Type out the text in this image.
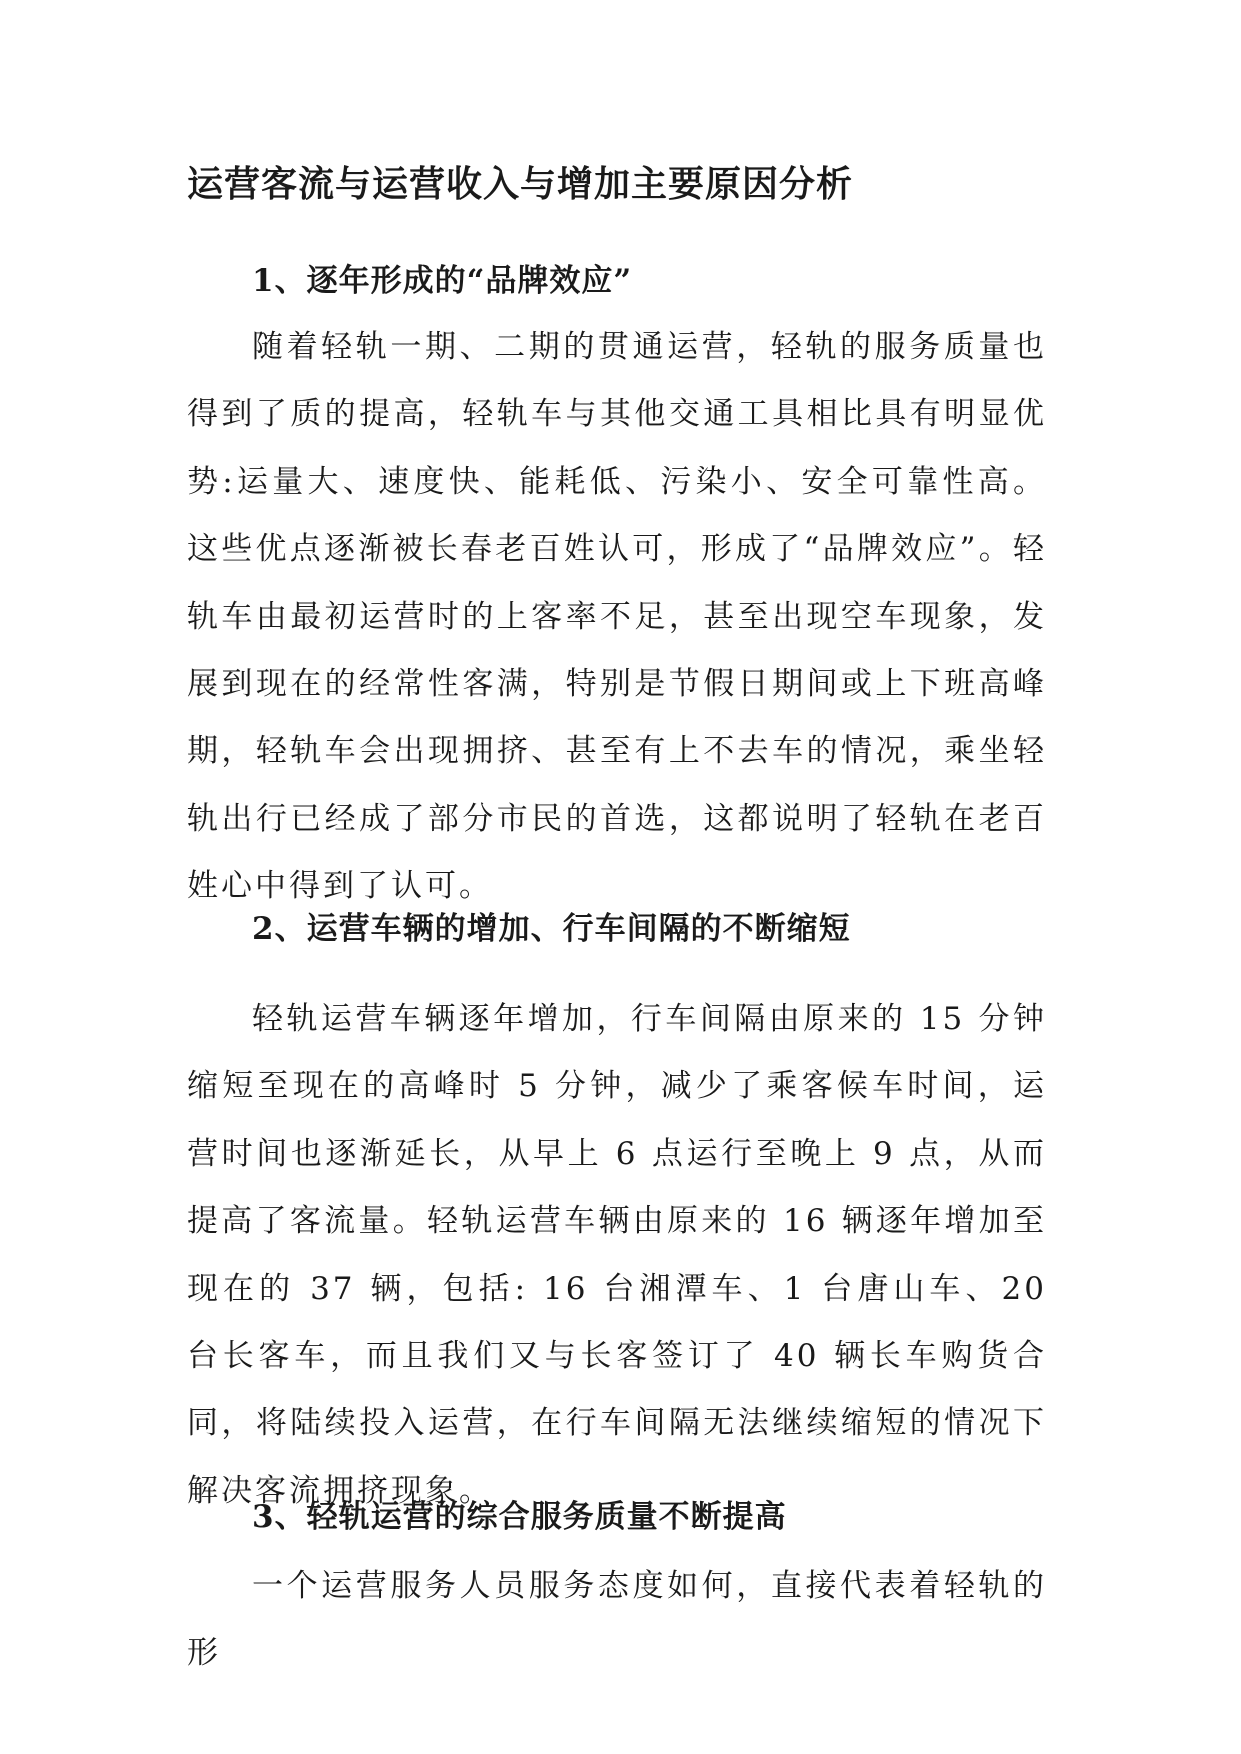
运营客流与运营收入与增加主要原因分析
1、逐年形成的“品牌效应”
随着轻轨一期、二期的贯通运营，轻轨的服务质量也得到了质的提高，轻轨车与其他交通工具相比具有明显优势:运量大、速度快、能耗低、污染小、安全可靠性高。这些优点逐渐被长春老百姓认可，形成了“品牌效应”。轻轨车由最初运营时的上客率不足，甚至出现空车现象，发展到现在的经常性客满，特别是节假日期间或上下班高峰期，轻轨车会出现拥挤、甚至有上不去车的情况，乘坐轻轨出行已经成了部分市民的首选，这都说明了轻轨在老百姓心中得到了认可。
2、运营车辆的增加、行车间隔的不断缩短
轻轨运营车辆逐年增加，行车间隔由原来的 15 分钟缩短至现在的高峰时 5 分钟，减少了乘客候车时间，运营时间也逐渐延长，从早上 6 点运行至晚上 9 点，从而提高了客流量。轻轨运营车辆由原来的 16 辆逐年增加至现在的 37 辆，包括: 16 台湘潭车、1 台唐山车、20 台长客车，而且我们又与长客签订了 40 辆长车购货合同，将陆续投入运营，在行车间隔无法继续缩短的情况下解决客流拥挤现象。
3、轻轨运营的综合服务质量不断提高
一个运营服务人员服务态度如何，直接代表着轻轨的形
